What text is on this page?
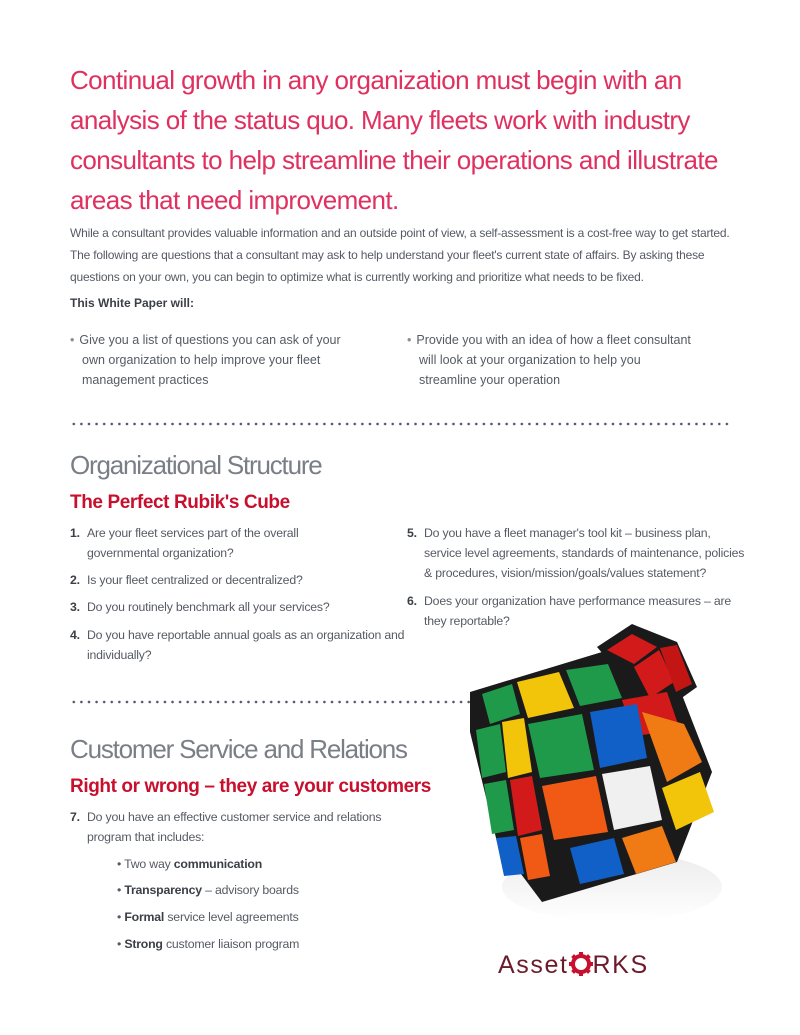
Continual growth in any organization must begin with an analysis of the status quo. Many fleets work with industry consultants to help streamline their operations and illustrate areas that need improvement.
While a consultant provides valuable information and an outside point of view, a self-assessment is a cost-free way to get started. The following are questions that a consultant may ask to help understand your fleet's current state of affairs. By asking these questions on your own, you can begin to optimize what is currently working and prioritize what needs to be fixed.
This White Paper will:
• Give you a list of questions you can ask of your own organization to help improve your fleet management practices
• Provide you with an idea of how a fleet consultant will look at your organization to help you streamline your operation
Organizational Structure
The Perfect Rubik's Cube
1. Are your fleet services part of the overall governmental organization?
2. Is your fleet centralized or decentralized?
3. Do you routinely benchmark all your services?
4. Do you have reportable annual goals as an organization and individually?
5. Do you have a fleet manager's tool kit – business plan, service level agreements, standards of maintenance, policies & procedures, vision/mission/goals/values statement?
6. Does your organization have performance measures – are they reportable?
Customer Service and Relations
Right or wrong – they are your customers
7. Do you have an effective customer service and relations program that includes:
• Two way communication
• Transparency – advisory boards
• Formal service level agreements
• Strong customer liaison program
Asset RKS
